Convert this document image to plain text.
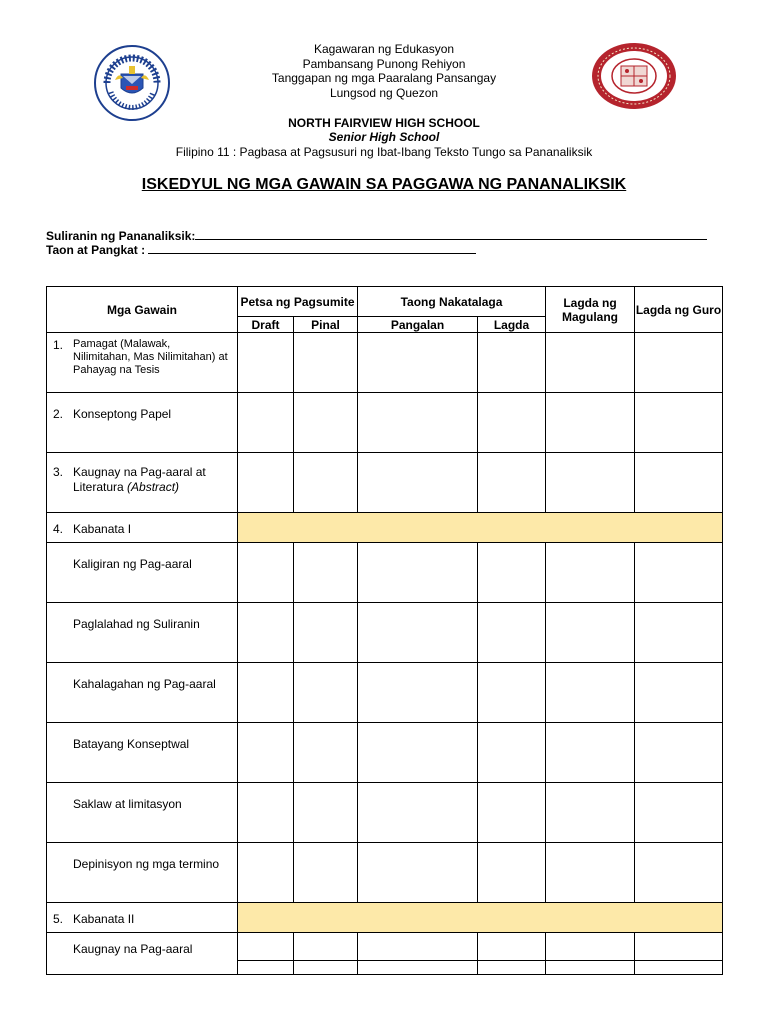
Kagawaran ng Edukasyon
Pambansang Punong Rehiyon
Tanggapan ng mga Paaralang Pansangay
Lungsod ng Quezon
NORTH FAIRVIEW HIGH SCHOOL
Senior High School
Filipino 11 : Pagbasa at Pagsusuri ng Ibat-Ibang Teksto Tungo sa Pananaliksik
ISKEDYUL NG MGA GAWAIN SA PAGGAWA NG PANANALIKSIK
Suliranin ng Pananaliksik:
Taon at Pangkat :
Mga Gawain	Petsa ng Pagsumite		Taong Nakatalaga		Lagda ng Magulang	Lagda ng Guro
	Draft	Pinal	Pangalan	Lagda		
1. Pamagat (Malawak, Nilimitahan, Mas Nilimitahan) at Pahayag na Tesis						
2. Konseptong Papel						
3. Kaugnay na Pag-aaral at Literatura (Abstract)						
4. Kabanata I						
Kaligiran ng Pag-aaral						
Paglalahad ng Suliranin						
Kahalagahan ng Pag-aaral						
Batayang Konseptwal						
Saklaw at limitasyon						
Depinisyon ng mga termino						
5. Kabanata II						
Kaugnay na Pag-aaral						
